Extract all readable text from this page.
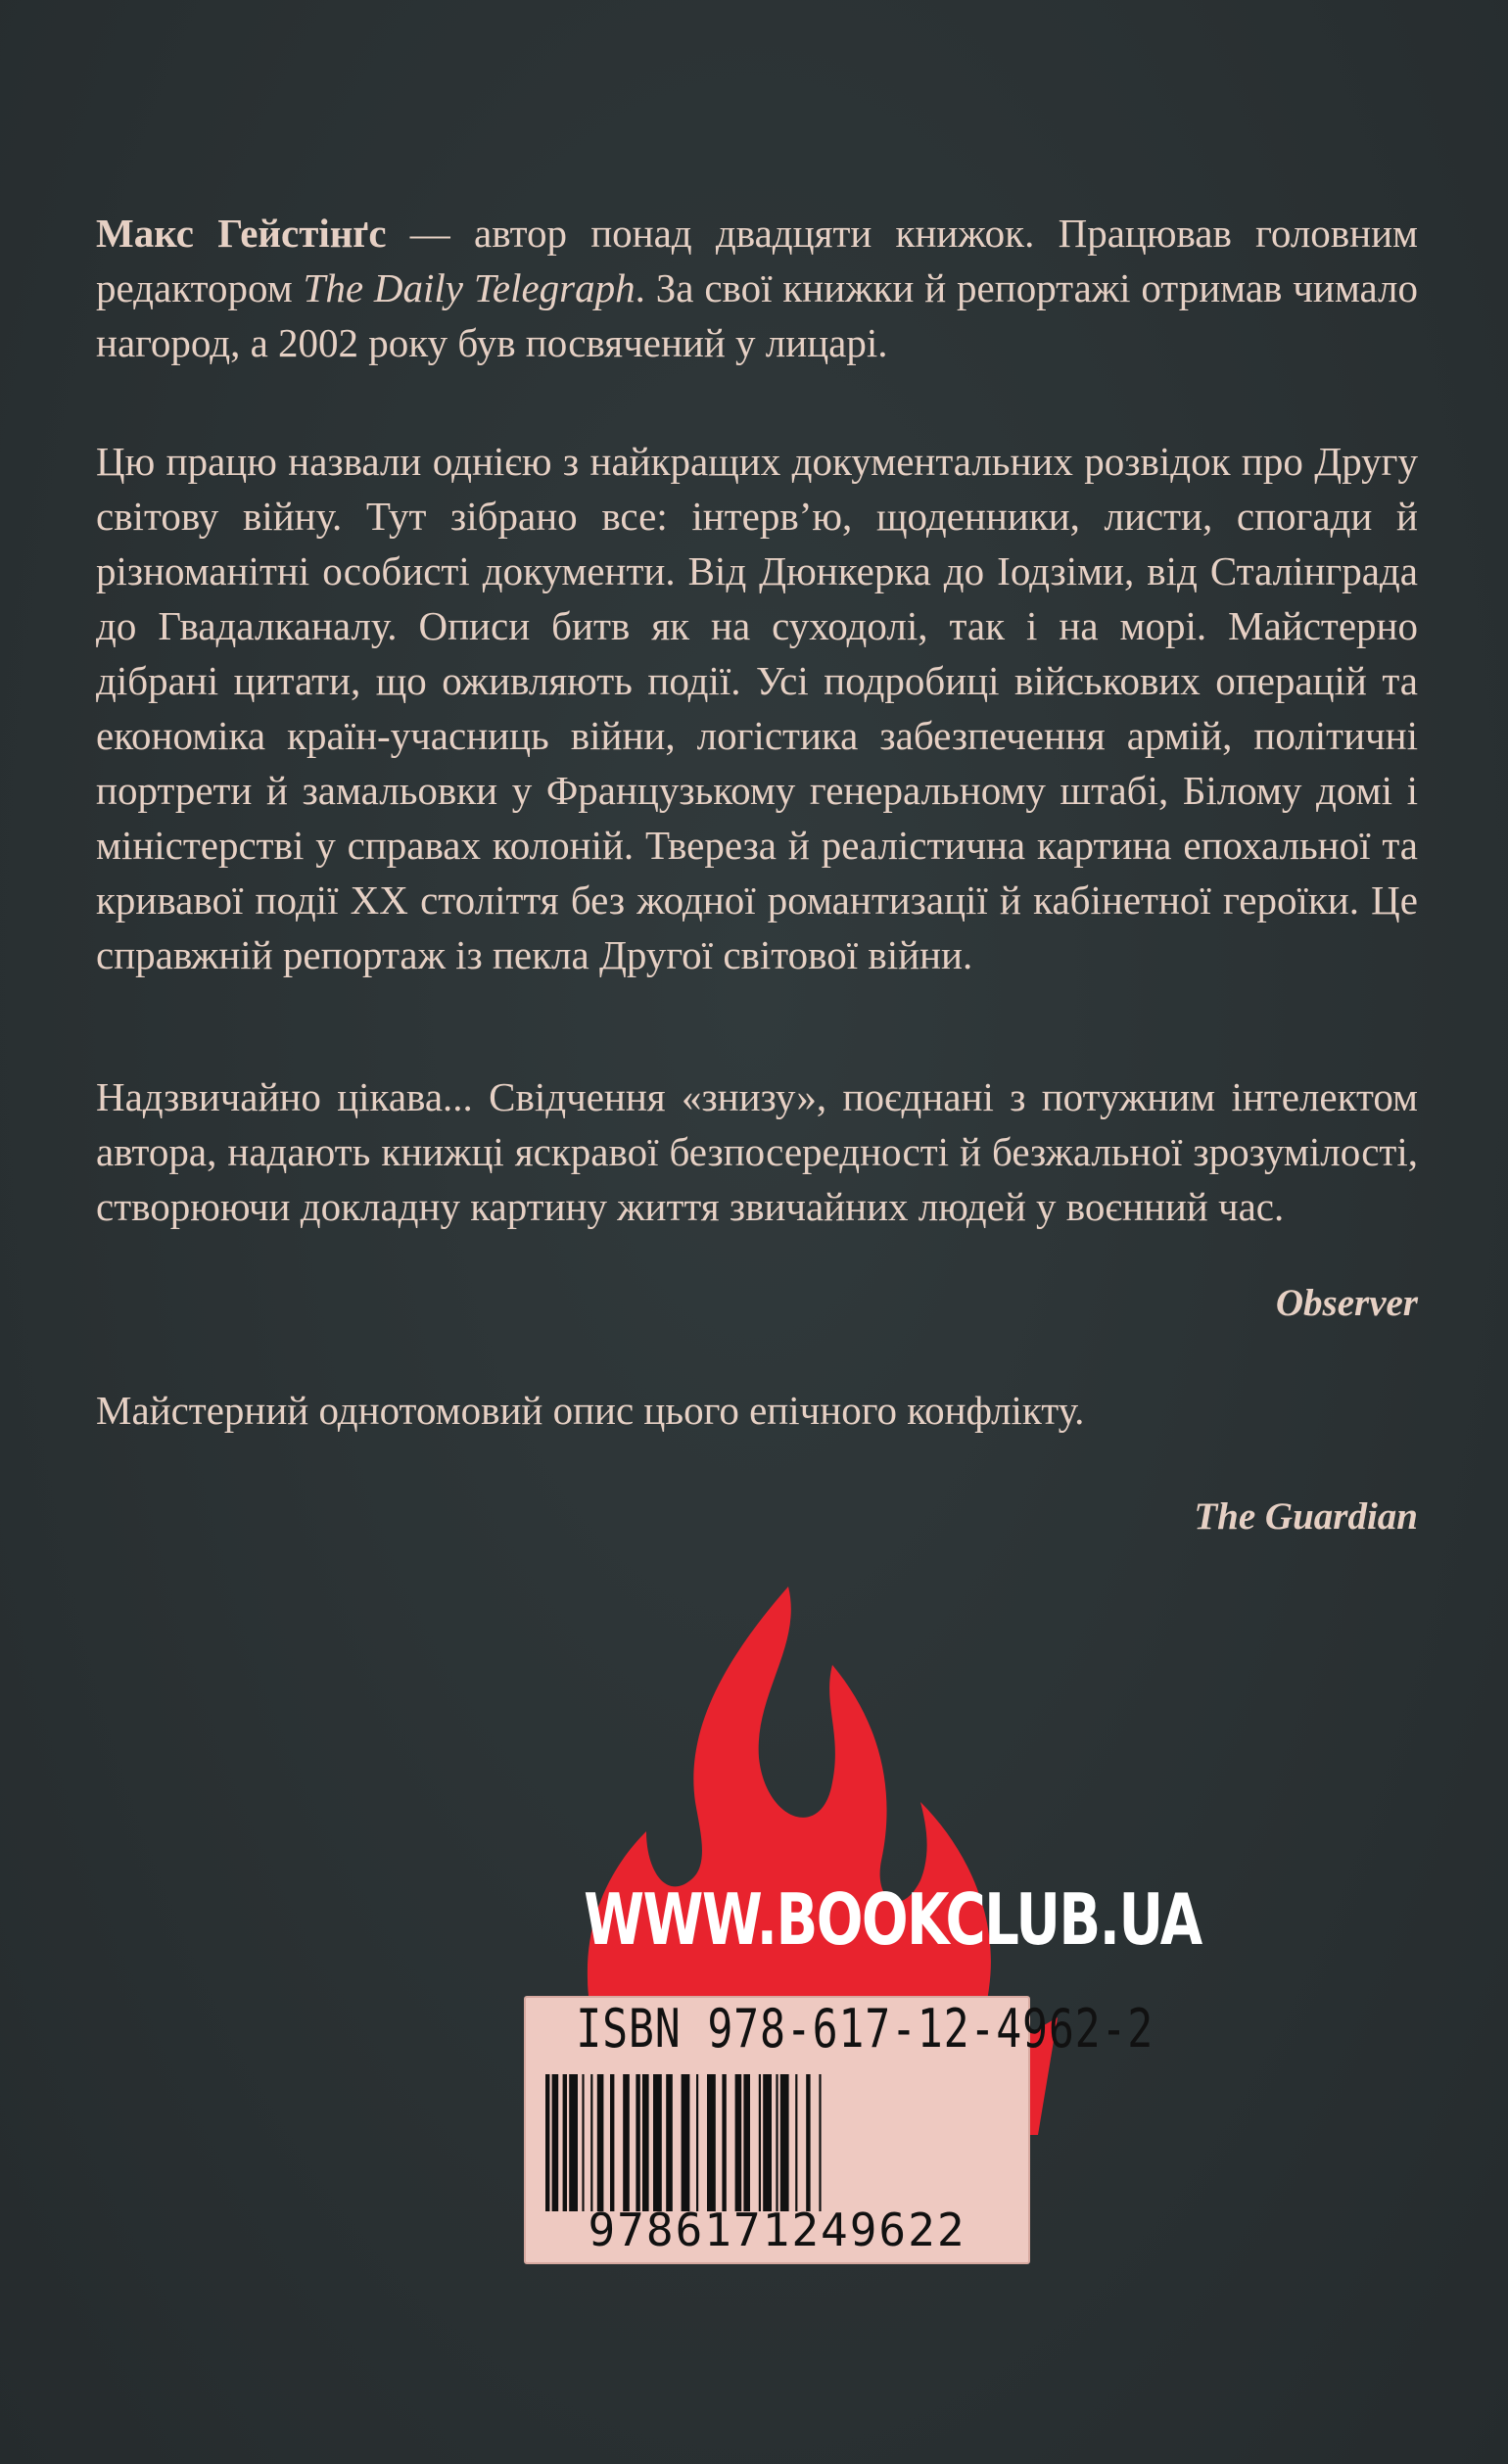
Макс Гейстінґс — автор понад двадцяти книжок. Працював головним редактором The Daily Telegraph. За свої книжки й репортажі отримав чимало нагород, а 2002 року був посвячений у лицарі.

Цю працю назвали однією з найкращих документальних розвідок про Другу світову війну. Тут зібрано все: інтерв’ю, щоденники, листи, спогади й різноманітні особисті документи. Від Дюнкерка до Іодзіми, від Сталінграда до Гвадалканалу. Описи битв як на суходолі, так і на морі. Майстерно дібрані цитати, що оживляють події. Усі подробиці військових операцій та економіка країн-учасниць війни, логістика забезпечення армій, політичні портрети й замальовки у Французькому генеральному штабі, Білому домі і міністерстві у справах колоній. Твереза й реалістична картина епохальної та кривавої події ХХ століття без жодної романтизації й кабінетної героїки. Це справжній репортаж із пекла Другої світової війни.

Надзвичайно цікава... Свідчення «знизу», поєднані з потужним інтелектом автора, надають книжці яскравої безпосередності й безжальної зрозумілості, створюючи докладну картину життя звичайних людей у воєнний час.

Observer

Майстерний однотомовий опис цього епічного конфлікту.

The Guardian
WWW.BOOKCLUB.UA
ISBN 978-617-12-4962-2
9786171249622
